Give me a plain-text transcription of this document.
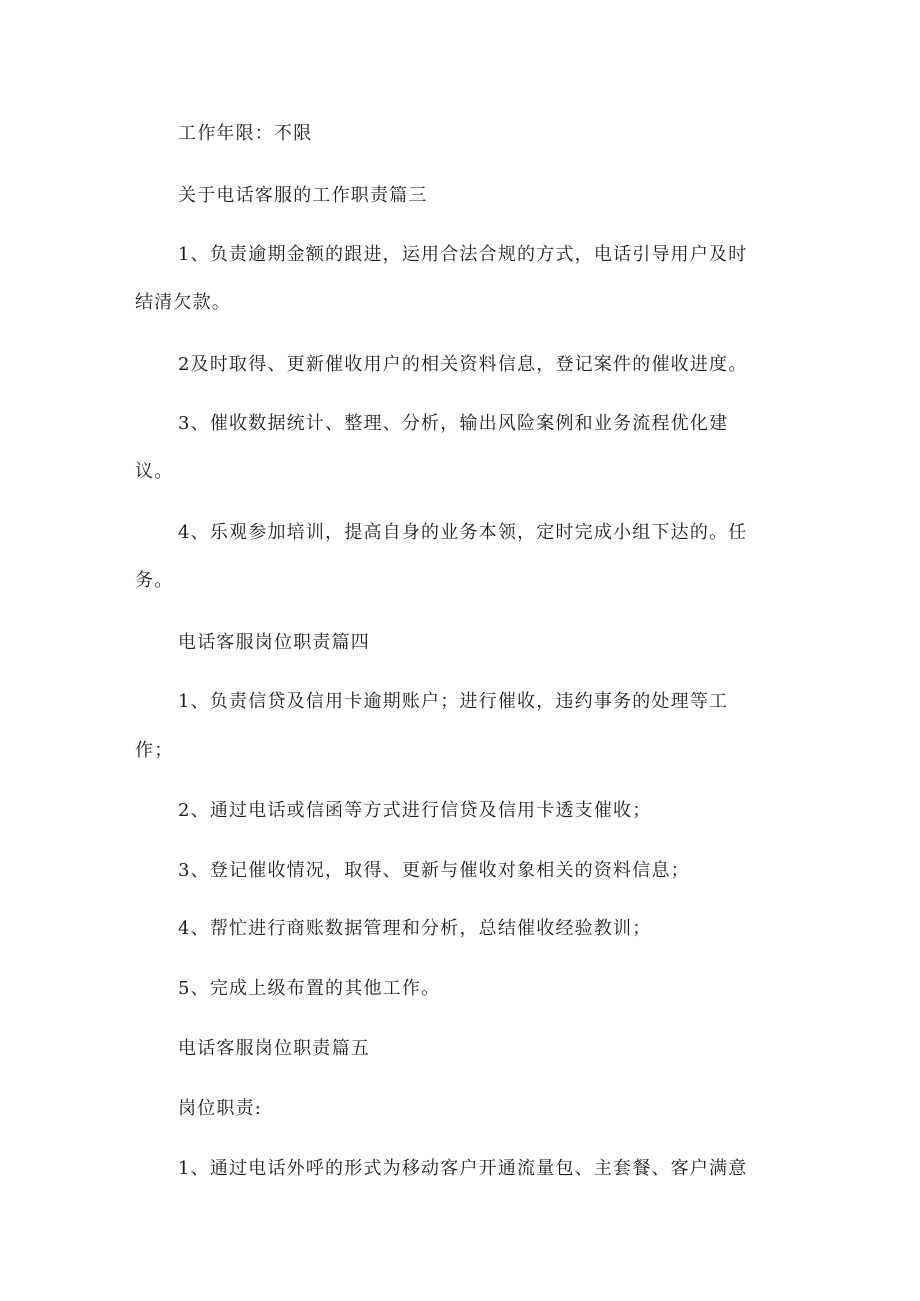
工作年限：不限
关于电话客服的工作职责篇三
1、负责逾期金额的跟进，运用合法合规的方式，电话引导用户及时
结清欠款。
2及时取得、更新催收用户的相关资料信息，登记案件的催收进度。
3、催收数据统计、整理、分析，输出风险案例和业务流程优化建
议。
4、乐观参加培训，提高自身的业务本领，定时完成小组下达的。任
务。
电话客服岗位职责篇四
1、负责信贷及信用卡逾期账户；进行催收，违约事务的处理等工
作；
2、通过电话或信函等方式进行信贷及信用卡透支催收；
3、登记催收情况，取得、更新与催收对象相关的资料信息；
4、帮忙进行商账数据管理和分析，总结催收经验教训；
5、完成上级布置的其他工作。
电话客服岗位职责篇五
岗位职责:
1、通过电话外呼的形式为移动客户开通流量包、主套餐、客户满意
